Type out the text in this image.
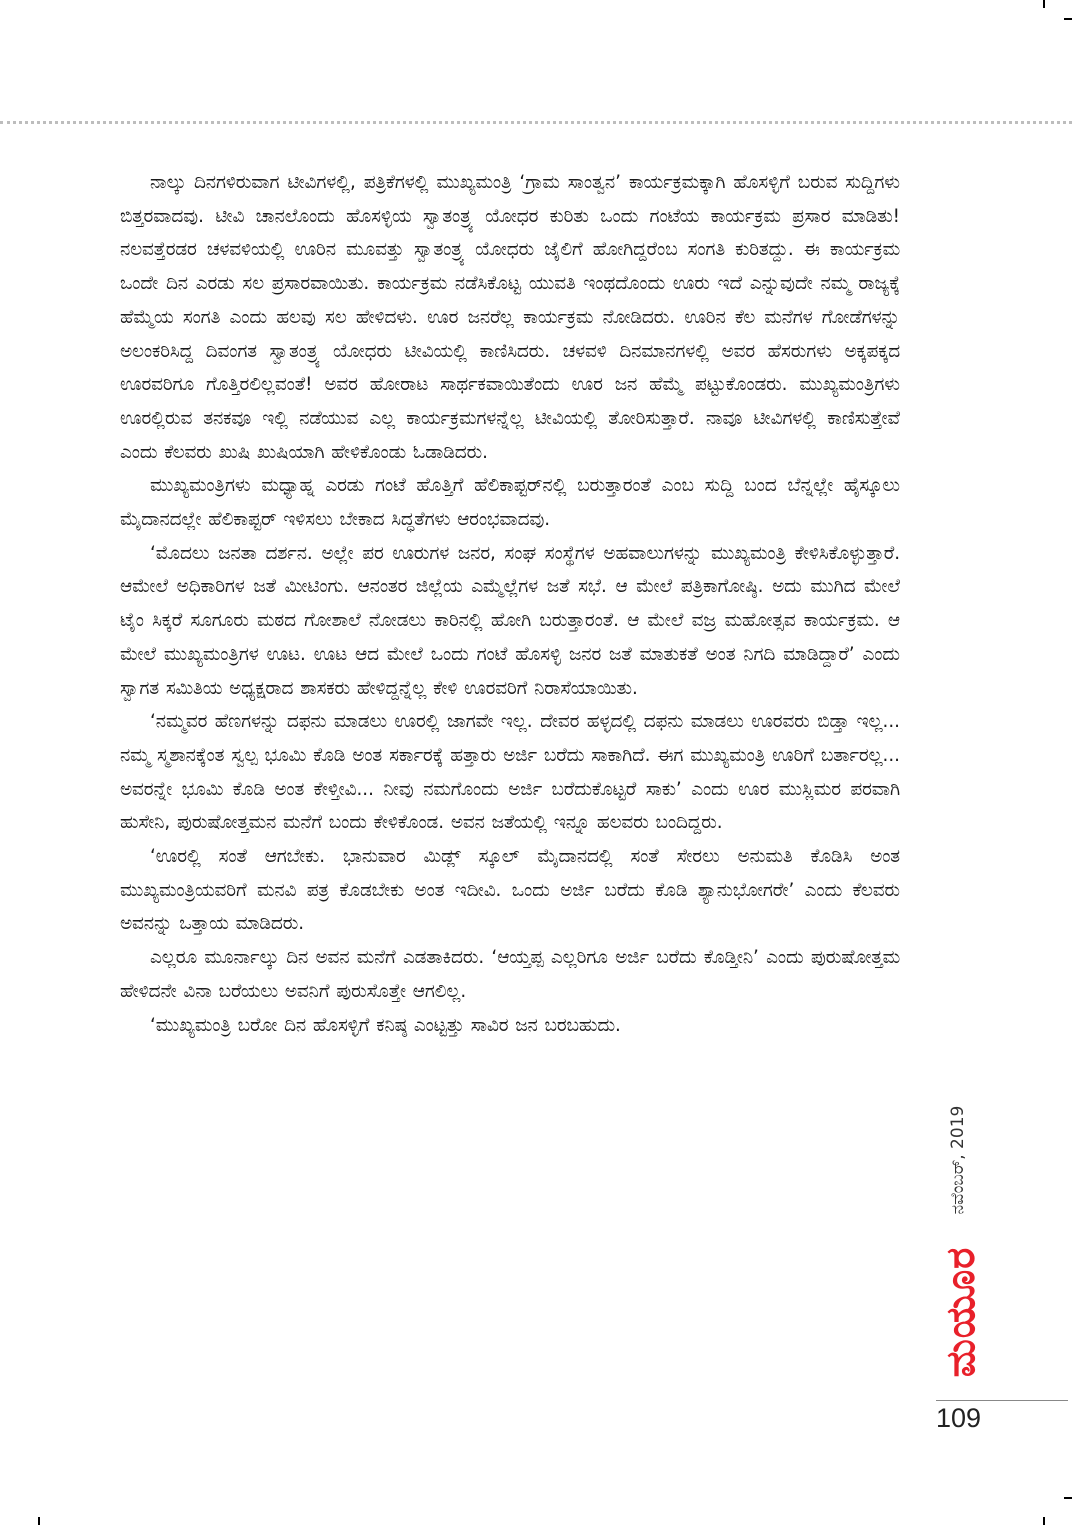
ನಾಲ್ಕು ದಿನಗಳಿರುವಾಗ ಟೀವಿಗಳಲ್ಲಿ, ಪತ್ರಿಕೆಗಳಲ್ಲಿ ಮುಖ್ಯಮಂತ್ರಿ ‘ಗ್ರಾಮ ಸಾಂತ್ವನ’ ಕಾರ್ಯಕ್ರಮಕ್ಕಾಗಿ ಹೊಸಳ್ಳಿಗೆ ಬರುವ ಸುದ್ದಿಗಳು ಬಿತ್ತರವಾದವು. ಟೀವಿ ಚಾನಲೊಂದು ಹೊಸಳ್ಳಿಯ ಸ್ವಾತಂತ್ರ್ಯ ಯೋಧರ ಕುರಿತು ಒಂದು ಗಂಟೆಯ ಕಾರ್ಯಕ್ರಮ ಪ್ರಸಾರ ಮಾಡಿತು! ನಲವತ್ತೆರಡರ ಚಳವಳಿಯಲ್ಲಿ ಊರಿನ ಮೂವತ್ತು ಸ್ವಾತಂತ್ರ್ಯ ಯೋಧರು ಜೈಲಿಗೆ ಹೋಗಿದ್ದರೆಂಬ ಸಂಗತಿ ಕುರಿತದ್ದು. ಈ ಕಾರ್ಯಕ್ರಮ ಒಂದೇ ದಿನ ಎರಡು ಸಲ ಪ್ರಸಾರವಾಯಿತು. ಕಾರ್ಯಕ್ರಮ ನಡೆಸಿಕೊಟ್ಟ ಯುವತಿ ಇಂಥದೊಂದು ಊರು ಇದೆ ಎನ್ನುವುದೇ ನಮ್ಮ ರಾಜ್ಯಕ್ಕೆ ಹೆಮ್ಮೆಯ ಸಂಗತಿ ಎಂದು ಹಲವು ಸಲ ಹೇಳಿದಳು. ಊರ ಜನರೆಲ್ಲ ಕಾರ್ಯಕ್ರಮ ನೋಡಿದರು. ಊರಿನ ಕೆಲ ಮನೆಗಳ ಗೋಡೆಗಳನ್ನು ಅಲಂಕರಿಸಿದ್ದ ದಿವಂಗತ ಸ್ವಾತಂತ್ರ್ಯ ಯೋಧರು ಟೀವಿಯಲ್ಲಿ ಕಾಣಿಸಿದರು. ಚಳವಳಿ ದಿನಮಾನಗಳಲ್ಲಿ ಅವರ ಹೆಸರುಗಳು ಅಕ್ಕಪಕ್ಕದ ಊರವರಿಗೂ ಗೊತ್ತಿರಲಿಲ್ಲವಂತೆ! ಅವರ ಹೋರಾಟ ಸಾರ್ಥಕವಾಯಿತೆಂದು ಊರ ಜನ ಹೆಮ್ಮೆ ಪಟ್ಟುಕೊಂಡರು. ಮುಖ್ಯಮಂತ್ರಿಗಳು ಊರಲ್ಲಿರುವ ತನಕವೂ ಇಲ್ಲಿ ನಡೆಯುವ ಎಲ್ಲ ಕಾರ್ಯಕ್ರಮಗಳನ್ನೆಲ್ಲ ಟೀವಿಯಲ್ಲಿ ತೋರಿಸುತ್ತಾರೆ. ನಾವೂ ಟೀವಿಗಳಲ್ಲಿ ಕಾಣಿಸುತ್ತೇವೆ ಎಂದು ಕೆಲವರು ಖುಷಿ ಖುಷಿಯಾಗಿ ಹೇಳಿಕೊಂಡು ಓಡಾಡಿದರು.

ಮುಖ್ಯಮಂತ್ರಿಗಳು ಮಧ್ಯಾಹ್ನ ಎರಡು ಗಂಟೆ ಹೊತ್ತಿಗೆ ಹೆಲಿಕಾಪ್ಟರ್‌ನಲ್ಲಿ ಬರುತ್ತಾರಂತೆ ಎಂಬ ಸುದ್ದಿ ಬಂದ ಬೆನ್ನಲ್ಲೇ ಹೈಸ್ಕೂಲು ಮೈದಾನದಲ್ಲೇ ಹೆಲಿಕಾಪ್ಟರ್ ಇಳಿಸಲು ಬೇಕಾದ ಸಿದ್ಧತೆಗಳು ಆರಂಭವಾದವು.

‘ಮೊದಲು ಜನತಾ ದರ್ಶನ. ಅಲ್ಲೇ ಪರ ಊರುಗಳ ಜನರ, ಸಂಘ ಸಂಸ್ಥೆಗಳ ಅಹವಾಲುಗಳನ್ನು ಮುಖ್ಯಮಂತ್ರಿ ಕೇಳಿಸಿಕೊಳ್ಳುತ್ತಾರೆ. ಆಮೇಲೆ ಅಧಿಕಾರಿಗಳ ಜತೆ ಮೀಟಿಂಗು. ಆನಂತರ ಜಿಲ್ಲೆಯ ಎಮ್ಮೆಲ್ಲೆಗಳ ಜತೆ ಸಭೆ. ಆ ಮೇಲೆ ಪತ್ರಿಕಾಗೋಷ್ಠಿ. ಅದು ಮುಗಿದ ಮೇಲೆ ಟೈಂ ಸಿಕ್ಕರೆ ಸೂಗೂರು ಮಠದ ಗೋಶಾಲೆ ನೋಡಲು ಕಾರಿನಲ್ಲಿ ಹೋಗಿ ಬರುತ್ತಾರಂತೆ. ಆ ಮೇಲೆ ವಜ್ರ ಮಹೋತ್ಸವ ಕಾರ್ಯಕ್ರಮ. ಆ ಮೇಲೆ ಮುಖ್ಯಮಂತ್ರಿಗಳ ಊಟ. ಊಟ ಆದ ಮೇಲೆ ಒಂದು ಗಂಟೆ ಹೊಸಳ್ಳಿ ಜನರ ಜತೆ ಮಾತುಕತೆ ಅಂತ ನಿಗದಿ ಮಾಡಿದ್ದಾರೆ’ ಎಂದು ಸ್ವಾಗತ ಸಮಿತಿಯ ಅಧ್ಯಕ್ಷರಾದ ಶಾಸಕರು ಹೇಳಿದ್ದನ್ನೆಲ್ಲ ಕೇಳಿ ಊರವರಿಗೆ ನಿರಾಸೆಯಾಯಿತು.

‘ನಮ್ಮವರ ಹೆಣಗಳನ್ನು ದಫನು ಮಾಡಲು ಊರಲ್ಲಿ ಜಾಗವೇ ಇಲ್ಲ. ದೇವರ ಹಳ್ಳದಲ್ಲಿ ದಫನು ಮಾಡಲು ಊರವರು ಬಿಡ್ತಾ ಇಲ್ಲ... ನಮ್ಮ ಸ್ಮಶಾನಕ್ಕೆಂತ ಸ್ವಲ್ಪ ಭೂಮಿ ಕೊಡಿ ಅಂತ ಸರ್ಕಾರಕ್ಕೆ ಹತ್ತಾರು ಅರ್ಜಿ ಬರೆದು ಸಾಕಾಗಿದೆ. ಈಗ ಮುಖ್ಯಮಂತ್ರಿ ಊರಿಗೆ ಬರ್ತಾರಲ್ಲ... ಅವರನ್ನೇ ಭೂಮಿ ಕೊಡಿ ಅಂತ ಕೇಳ್ತೀವಿ... ನೀವು ನಮಗೊಂದು ಅರ್ಜಿ ಬರೆದುಕೊಟ್ಟರೆ ಸಾಕು’ ಎಂದು ಊರ ಮುಸ್ಲಿಮರ ಪರವಾಗಿ ಹುಸೇನಿ, ಪುರುಷೋತ್ತಮನ ಮನೆಗೆ ಬಂದು ಕೇಳಿಕೊಂಡ. ಅವನ ಜತೆಯಲ್ಲಿ ಇನ್ನೂ ಹಲವರು ಬಂದಿದ್ದರು.

‘ಊರಲ್ಲಿ ಸಂತೆ ಆಗಬೇಕು. ಭಾನುವಾರ ಮಿಡ್ಲ್ ಸ್ಕೂಲ್ ಮೈದಾನದಲ್ಲಿ ಸಂತೆ ಸೇರಲು ಅನುಮತಿ ಕೊಡಿಸಿ ಅಂತ ಮುಖ್ಯಮಂತ್ರಿಯವರಿಗೆ ಮನವಿ ಪತ್ರ ಕೊಡಬೇಕು ಅಂತ ಇದೀವಿ. ಒಂದು ಅರ್ಜಿ ಬರೆದು ಕೊಡಿ ಶ್ಯಾನುಭೋಗರೇ’ ಎಂದು ಕೆಲವರು ಅವನನ್ನು ಒತ್ತಾಯ ಮಾಡಿದರು.

ಎಲ್ಲರೂ ಮೂರ್ನಾಲ್ಕು ದಿನ ಅವನ ಮನೆಗೆ ಎಡತಾಕಿದರು. ‘ಆಯ್ತಪ್ಪ ಎಲ್ಲರಿಗೂ ಅರ್ಜಿ ಬರೆದು ಕೊಡ್ತೀನಿ’ ಎಂದು ಪುರುಷೋತ್ತಮ ಹೇಳಿದನೇ ವಿನಾ ಬರೆಯಲು ಅವನಿಗೆ ಪುರುಸೊತ್ತೇ ಆಗಲಿಲ್ಲ.

‘ಮುಖ್ಯಮಂತ್ರಿ ಬರೋ ದಿನ ಹೊಸಳ್ಳಿಗೆ ಕನಿಷ್ಠ ಎಂಟ್ಟತ್ತು ಸಾವಿರ ಜನ ಬರಬಹುದು.

ನವೆಂಬರ್, 2019
ಮಯೂರ
109
